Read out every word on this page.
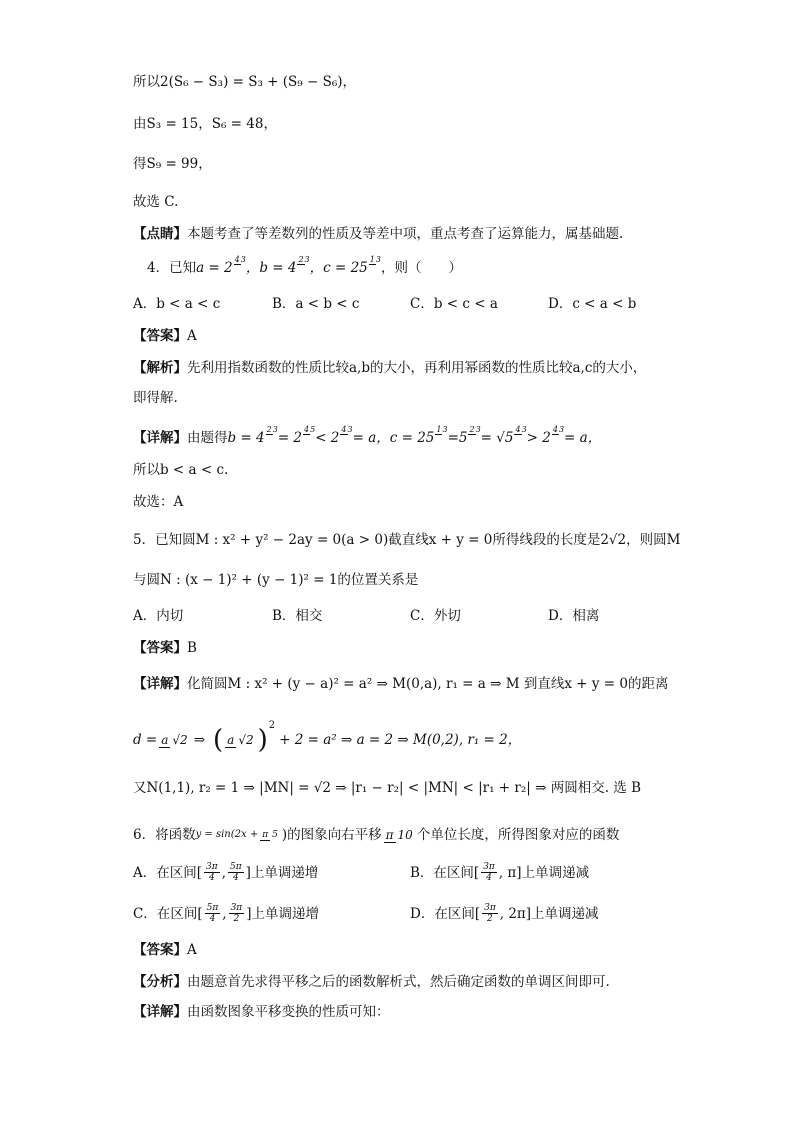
所以2(S₆ − S₃) = S₃ + (S₉ − S₆)，
由S₃ = 15，S₆ = 48，
得S₉ = 99，
故选 C.
【点睛】 本题考查了等差数列的性质及等差中项，重点考查了运算能力，属基础题.
4．已知 a = 2
43
，b = 4
23
，c = 25
13
，则（　　）
A．b < a < c	B．a < b < c	C．b < c < a	D．c < a < b
【答案】 A
【解析】 先利用指数函数的性质比较a,b的大小，再利用幂函数的性质比较a,c的大小，
即得解.
【详解】 由题得 b = 4
23
= 2
45
< 2
43
= a，c = 25
13
=5
23
= √5
43
> 2
43
= a，
所以b < a < c.
故选：A
5．已知圆M : x² + y² − 2ay = 0(a > 0)截直线x + y = 0所得线段的长度是2√2，则圆M
与圆N : (x − 1)² + (y − 1)² = 1的位置关系是
A．内切	B．相交	C．外切	D．相离
【答案】 B
【详解】 化简圆M : x² + (y − a)² = a² ⇒ M(0,a), r₁ = a ⇒ M 到直线x + y = 0的距离
d = a √2 ⇒ ( a √2 ) 2
+ 2 = a² ⇒ a = 2 ⇒ M(0,2), r₁ = 2，
又N(1,1), r₂ = 1 ⇒ |MN| = √2 ⇒ |r₁ − r₂| < |MN| < |r₁ + r₂| ⇒ 两圆相交. 选 B
6．将函数 y = sin(2x + π 5 )的图象向右平移 π 10 个单位长度，所得图象对应的函数
A．在区间[ $\frac{3\pi}{4}$ , $\frac{5\pi}{4}$ ]上单调递增	B．在区间[ $\frac{3\pi}{4}$ , π]上单调递减
C．在区间[ $\frac{5\pi}{4}$ , $\frac{3\pi}{2}$ ]上单调递增	D．在区间[ $\frac{3\pi}{2}$ , 2π]上单调递减
【答案】 A
【分析】 由题意首先求得平移之后的函数解析式，然后确定函数的单调区间即可.
【详解】 由函数图象平移变换的性质可知：
